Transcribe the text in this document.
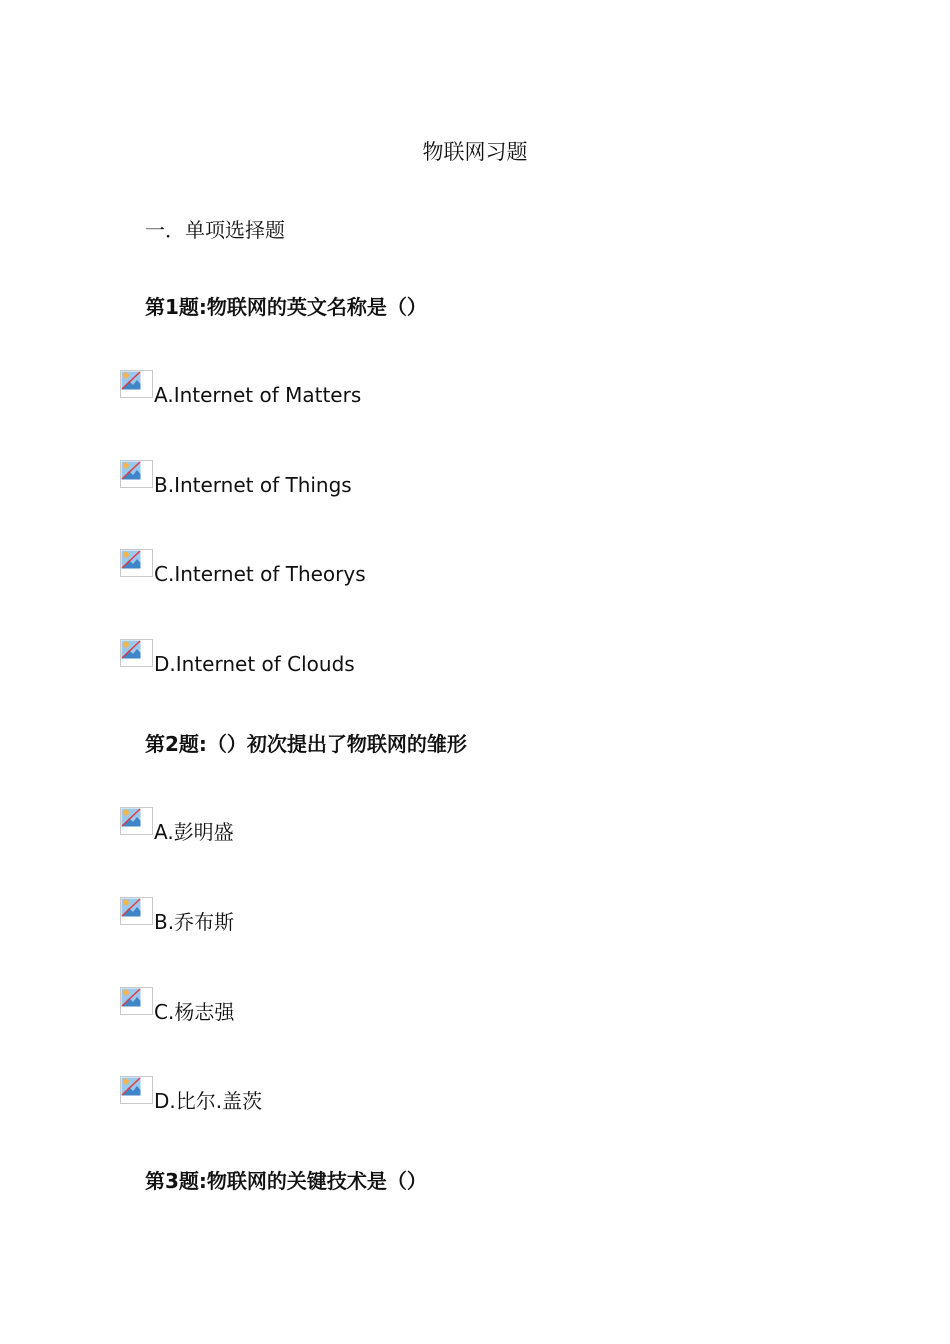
物联网习题
一．单项选择题
第1题:物联网的英文名称是（）
A.Internet of Matters
B.Internet of Things
C.Internet of Theorys
D.Internet of Clouds
第2题:（）初次提出了物联网的雏形
A.彭明盛
B.乔布斯
C.杨志强
D.比尔.盖茨
第3题:物联网的关键技术是（）
